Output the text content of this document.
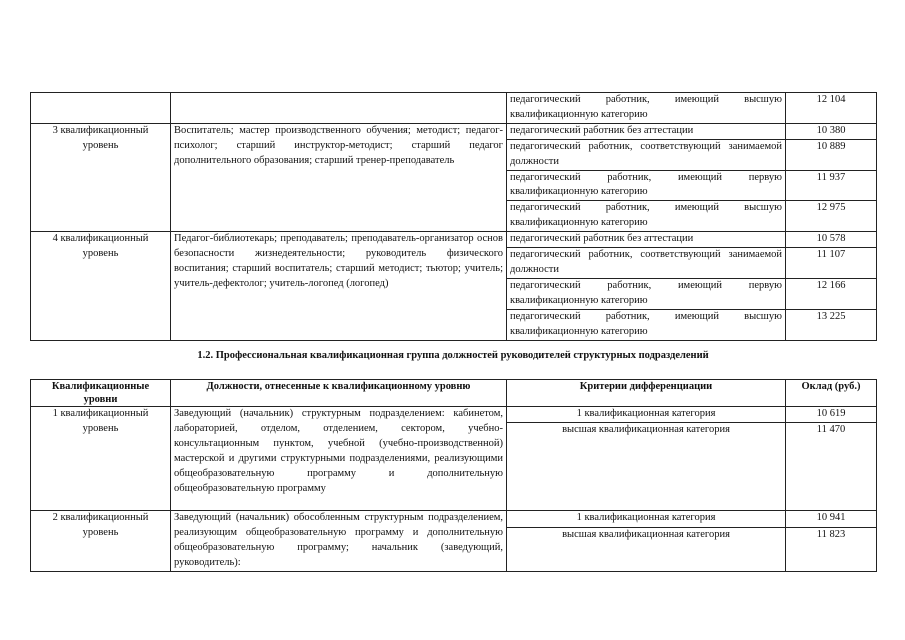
		педагогический работник, имеющий высшую квалификационную категорию	12 104
3 квалификационный уровень	Воспитатель; мастер производственного обучения; методист; педагог-психолог; старший инструктор-методист; старший педагог дополнительного образования; старший тренер-преподаватель	педагогический работник без аттестации	10 380
		педагогический работник, соответствующий занимаемой должности	10 889
		педагогический работник, имеющий первую квалификационную категорию	11 937
		педагогический работник, имеющий высшую квалификационную категорию	12 975
4 квалификационный уровень	Педагог-библиотекарь; преподаватель; преподаватель-организатор основ безопасности жизнедеятельности; руководитель физического воспитания; старший воспитатель; старший методист; тьютор; учитель; учитель-дефектолог; учитель-логопед (логопед)	педагогический работник без аттестации	10 578
		педагогический работник, соответствующий занимаемой должности	11 107
		педагогический работник, имеющий первую квалификационную категорию	12 166
		педагогический работник, имеющий высшую квалификационную категорию	13 225
1.2. Профессиональная квалификационная группа должностей руководителей структурных подразделений
Квалификационные уровни	Должности, отнесенные к квалификационному уровню	Критерии дифференциации	Оклад (руб.)
1 квалификационный уровень	Заведующий (начальник) структурным подразделением: кабинетом, лабораторией, отделом, отделением, сектором, учебно-консультационным пунктом, учебной (учебно-производственной) мастерской и другими структурными подразделениями, реализующими общеобразовательную программу и дополнительную общеобразовательную программу	1 квалификационная категория	10 619
		высшая квалификационная категория	11 470
2 квалификационный уровень	Заведующий (начальник) обособленным структурным подразделением, реализующим общеобразовательную программу и дополнительную общеобразовательную программу; начальник (заведующий, руководитель):	1 квалификационная категория	10 941
		высшая квалификационная категория	11 823
